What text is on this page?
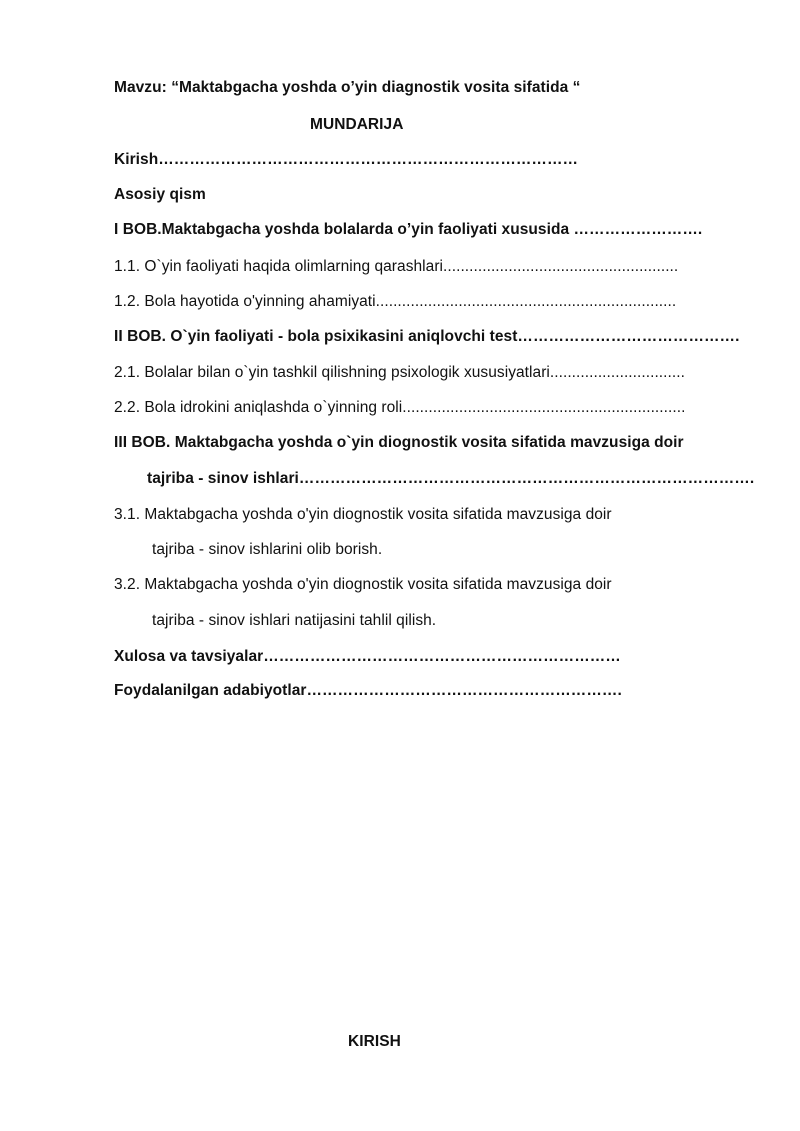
Mavzu: “Maktabgacha yoshda o’yin diagnostik vosita sifatida “
MUNDARIJA
Kirish………………………………………………………………………
Asosiy qism
I BOB.Maktabgacha yoshda bolalarda o’yin faoliyati xususida …………………….
1.1. O`yin faoliyati haqida olimlarning qarashlari......................................................
1.2. Bola hayotida o'yinning ahamiyati.....................................................................
II BOB. O`yin faoliyati - bola psixikasini aniqlovchi test…………………………………….
2.1. Bolalar bilan o`yin tashkil qilishning psixologik xususiyatlari...............................
2.2. Bola idrokini aniqlashda o`yinning roli.................................................................
III BOB. Maktabgacha yoshda o`yin diognostik vosita sifatida mavzusiga doir
tajriba - sinov ishlari…………………………………………………………………………….
3.1. Maktabgacha yoshda o'yin diognostik vosita sifatida mavzusiga doir
tajriba - sinov ishlarini olib borish.
3.2. Maktabgacha yoshda o'yin diognostik vosita sifatida mavzusiga doir
tajriba - sinov ishlari natijasini tahlil qilish.
Xulosa va tavsiyalar……………………………………………………………
Foydalanilgan adabiyotlar…………………………………………………….
KIRISH
